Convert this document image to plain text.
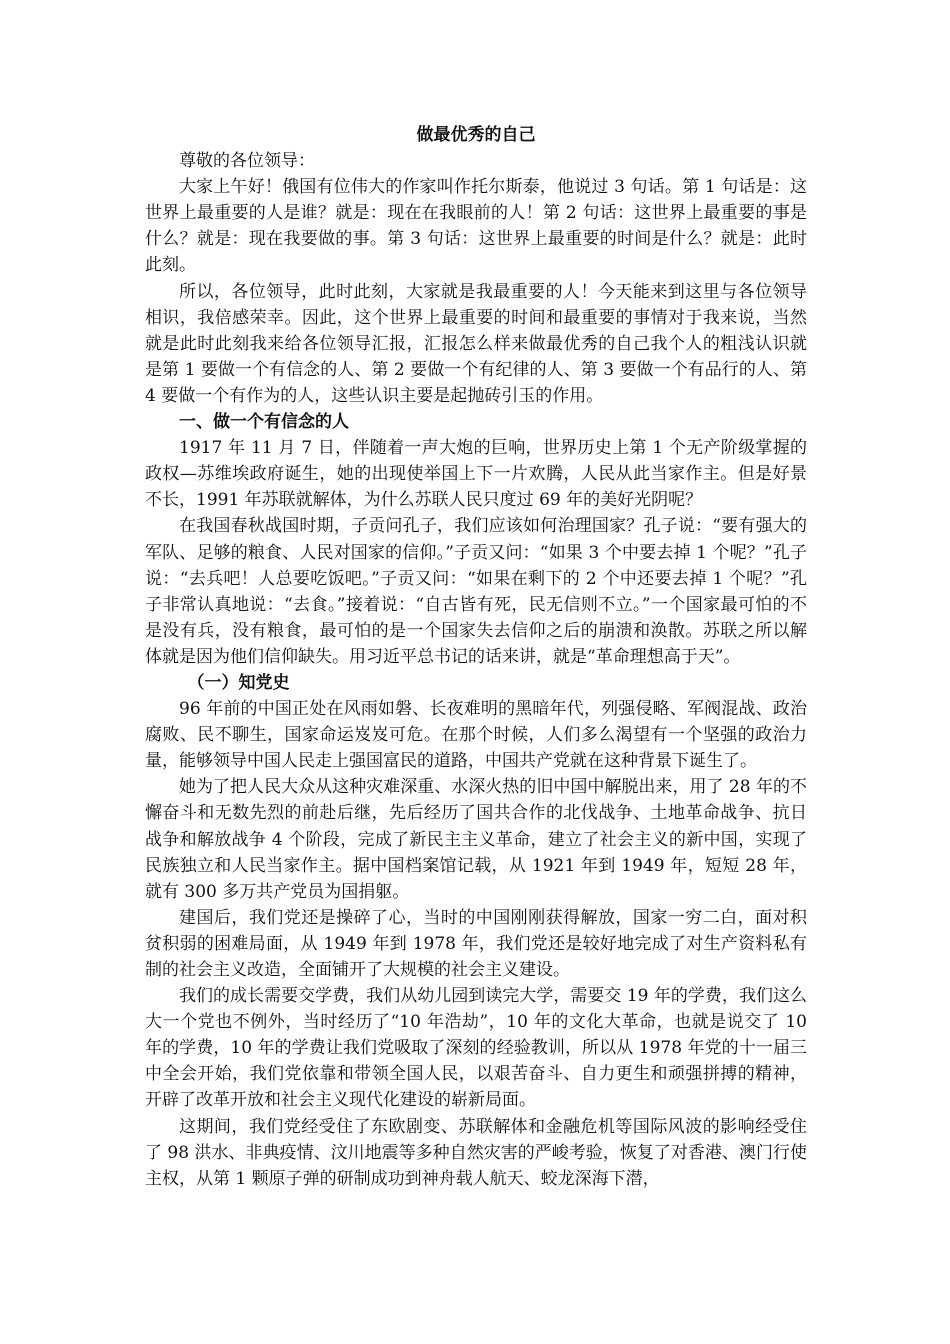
做最优秀的自己

尊敬的各位领导：

大家上午好！俄国有位伟大的作家叫作托尔斯泰，他说过 3 句话。第 1 句话是：这世界上最重要的人是谁？就是：现在在我眼前的人！第 2 句话：这世界上最重要的事是什么？就是：现在我要做的事。第 3 句话：这世界上最重要的时间是什么？就是：此时此刻。

所以，各位领导，此时此刻，大家就是我最重要的人！今天能来到这里与各位领导相识，我倍感荣幸。因此，这个世界上最重要的时间和最重要的事情对于我来说，当然就是此时此刻我来给各位领导汇报，汇报怎么样来做最优秀的自己我个人的粗浅认识就是第 1 要做一个有信念的人、第 2 要做一个有纪律的人、第 3 要做一个有品行的人、第 4 要做一个有作为的人，这些认识主要是起抛砖引玉的作用。

一、做一个有信念的人

1917 年 11 月 7 日，伴随着一声大炮的巨响，世界历史上第 1 个无产阶级掌握的政权—苏维埃政府诞生，她的出现使举国上下一片欢腾，人民从此当家作主。但是好景不长，1991 年苏联就解体，为什么苏联人民只度过 69 年的美好光阴呢？

在我国春秋战国时期，子贡问孔子，我们应该如何治理国家？孔子说：“要有强大的军队、足够的粮食、人民对国家的信仰。”子贡又问：“如果 3 个中要去掉 1 个呢？”孔子说：“去兵吧！人总要吃饭吧。”子贡又问：“如果在剩下的 2 个中还要去掉 1 个呢？”孔子非常认真地说：“去食。”接着说：“自古皆有死，民无信则不立。”一个国家最可怕的不是没有兵，没有粮食，最可怕的是一个国家失去信仰之后的崩溃和涣散。苏联之所以解体就是因为他们信仰缺失。用习近平总书记的话来讲，就是“革命理想高于天”。

（一）知党史

96 年前的中国正处在风雨如磐、长夜难明的黑暗年代，列强侵略、军阀混战、政治腐败、民不聊生，国家命运岌岌可危。在那个时候，人们多么渴望有一个坚强的政治力量，能够领导中国人民走上强国富民的道路，中国共产党就在这种背景下诞生了。

她为了把人民大众从这种灾难深重、水深火热的旧中国中解脱出来，用了 28 年的不懈奋斗和无数先烈的前赴后继，先后经历了国共合作的北伐战争、土地革命战争、抗日战争和解放战争 4 个阶段，完成了新民主主义革命，建立了社会主义的新中国，实现了民族独立和人民当家作主。据中国档案馆记载，从 1921 年到 1949 年，短短 28 年，就有 300 多万共产党员为国捐躯。

建国后，我们党还是操碎了心，当时的中国刚刚获得解放，国家一穷二白，面对积贫积弱的困难局面，从 1949 年到 1978 年，我们党还是较好地完成了对生产资料私有制的社会主义改造，全面铺开了大规模的社会主义建设。

我们的成长需要交学费，我们从幼儿园到读完大学，需要交 19 年的学费，我们这么大一个党也不例外，当时经历了“10 年浩劫”，10 年的文化大革命，也就是说交了 10 年的学费，10 年的学费让我们党吸取了深刻的经验教训，所以从 1978 年党的十一届三中全会开始，我们党依靠和带领全国人民，以艰苦奋斗、自力更生和顽强拼搏的精神，开辟了改革开放和社会主义现代化建设的崭新局面。

这期间，我们党经受住了东欧剧变、苏联解体和金融危机等国际风波的影响经受住了 98 洪水、非典疫情、汶川地震等多种自然灾害的严峻考验，恢复了对香港、澳门行使主权，从第 1 颗原子弹的研制成功到神舟载人航天、蛟龙深海下潜，
